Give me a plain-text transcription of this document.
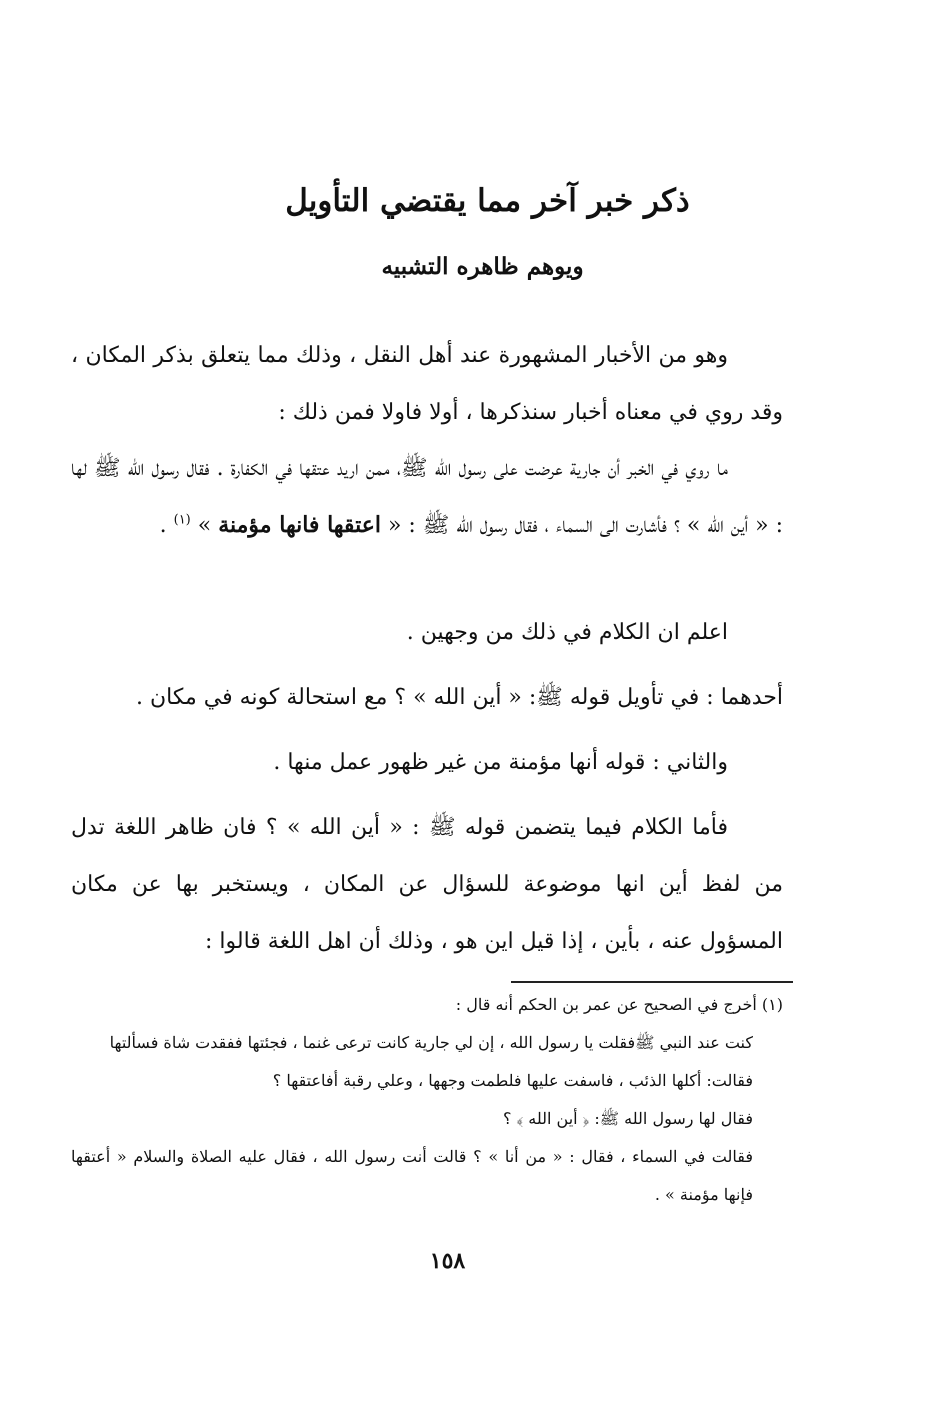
ذكر خبر آخر مما يقتضي التأويل
ويوهم ظاهره التشبيه

وهو من الأخبار المشهورة عند أهل النقل ، وذلك مما يتعلق بذكر المكان ، وقد روي في معناه أخبار سنذكرها ، أولا فاولا فمن ذلك :

ما روي في الخبر أن جارية عرضت على رسول الله ﷺ، ممن اريد عتقها في الكفارة . فقال رسول الله ﷺ لها : « أين الله » ؟ فأشارت الى السماء ، فقال رسول الله ﷺ : « اعتقها فانها مؤمنة » $^{(١)}$ .

اعلم ان الكلام في ذلك من وجهين .

أحدهما : في تأويل قوله ﷺ: « أين الله » ؟ مع استحالة كونه في مكان .

والثاني : قوله أنها مؤمنة من غير ظهور عمل منها .

فأما الكلام فيما يتضمن قوله ﷺ : « أين الله » ؟ فان ظاهر اللغة تدل من لفظ أين انها موضوعة للسؤال عن المكان ، ويستخبر بها عن مكان المسؤول عنه ، بأين ، إذا قيل اين هو ، وذلك أن اهل اللغة قالوا :

(١) أخرج في الصحيح عن عمر بن الحكم أنه قال :

كنت عند النبي ﷺفقلت يا رسول الله ، إن لي جارية كانت ترعى غنما ، فجئتها ففقدت شاة فسألتها

فقالت: أكلها الذئب ، فاسفت عليها فلطمت وجهها ، وعلي رقبة أفاعتقها ؟

فقال لها رسول الله ﷺ: ﴿ أين الله ﴾ ؟

فقالت في السماء ، فقال : « من أنا » ؟ قالت أنت رسول الله ، فقال عليه الصلاة والسلام « أعتقها فإنها مؤمنة » .

١٥٨
